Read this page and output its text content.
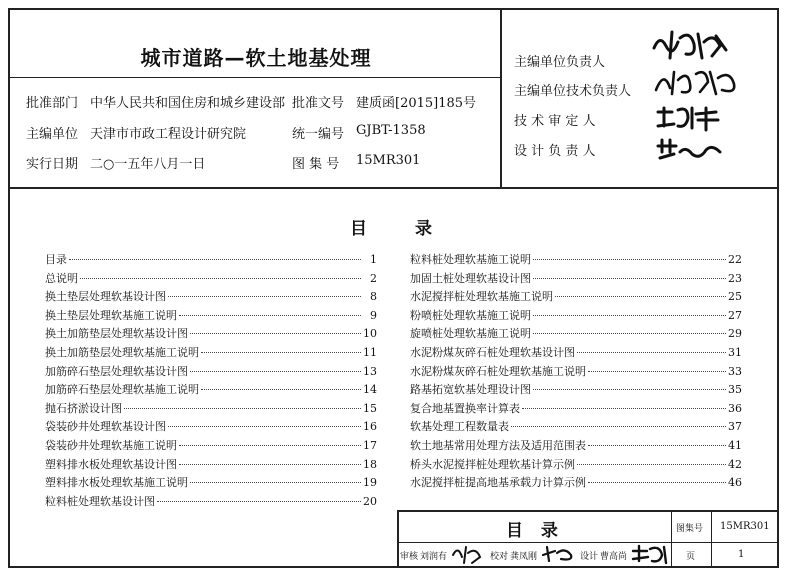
城市道路—软土地基处理
批准部门 中华人民共和国住房和城乡建设部 批准文号 建质函[2015]185号
主编单位 天津市市政工程设计研究院	统一编号 GJBT-1358
实行日期 二○一五年八月一日	图 集 号 15MR301
主编单位负责人
主编单位技术负责人
技 术 审 定 人
设 计 负 责 人
目	录
目录	1
总说明	2
换土垫层处理软基设计图	8
换土垫层处理软基施工说明	9
换土加筋垫层处理软基设计图	10
换土加筋垫层处理软基施工说明	11
加筋碎石垫层处理软基设计图	13
加筋碎石垫层处理软基施工说明	14
抛石挤淤设计图	15
袋装砂井处理软基设计图	16
袋装砂井处理软基施工说明	17
塑料排水板处理软基设计图	18
塑料排水板处理软基施工说明	19
粒料桩处理软基设计图	20
粒料桩处理软基施工说明	22
加固土桩处理软基设计图	23
水泥搅拌桩处理软基施工说明	25
粉喷桩处理软基施工说明	27
旋喷桩处理软基施工说明	29
水泥粉煤灰碎石桩处理软基设计图	31
水泥粉煤灰碎石桩处理软基施工说明	33
路基拓宽软基处理设计图	35
复合地基置换率计算表	36
软基处理工程数量表	37
软土地基常用处理方法及适用范围表	41
桥头水泥搅拌桩处理软基计算示例	42
水泥搅拌桩提高地基承载力计算示例	46
目 录	图集号 15MR301
审核 刘润有	校对 龚凤刚	设计 曹高尚	页	1
